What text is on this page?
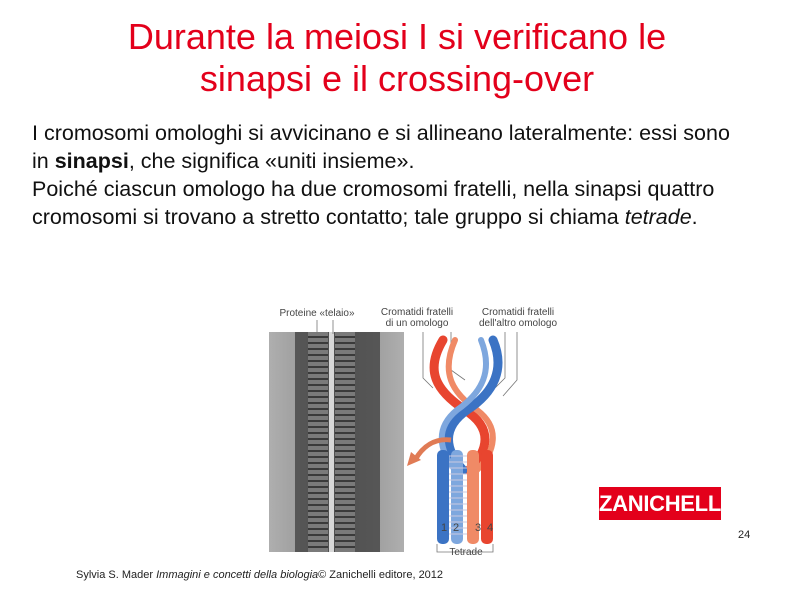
Durante la meiosi I si verificano le
sinapsi e il crossing-over

I cromosomi omologhi si avvicinano e si allineano lateralmente: essi sono in sinapsi, che significa «uniti insieme».

Poiché ciascun omologo ha due cromosomi fratelli, nella sinapsi quattro cromosomi si trovano a stretto contatto; tale gruppo si chiama tetrade.

Proteine «telaio»	Cromatidi fratelli
di un omologo
Cromatidi fratelli
dell'altro omologo
1 2 3 4
Tetrade
ZANICHELLI
24
Sylvia S. Mader Immagini e concetti della biologia© Zanichelli editore, 2012
